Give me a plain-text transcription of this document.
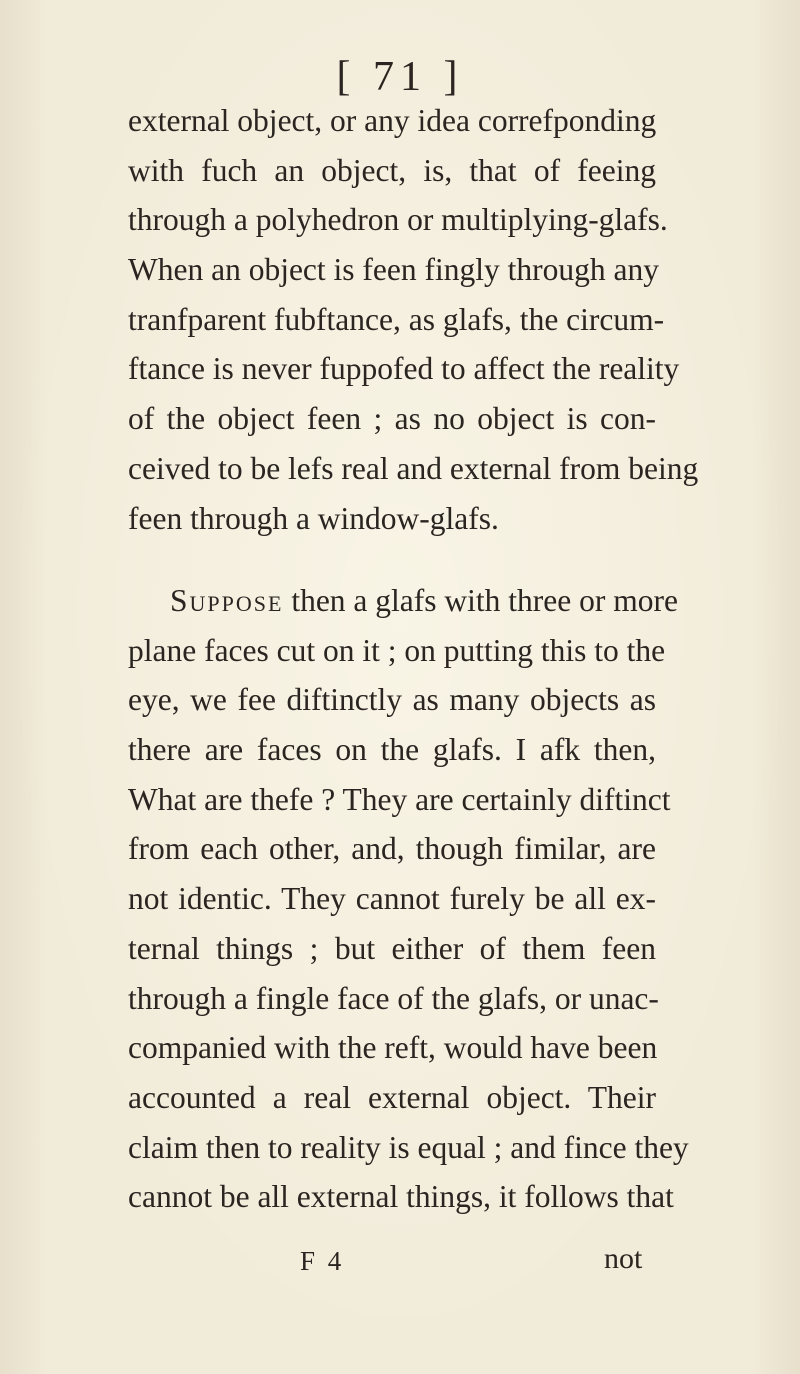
[ 71 ]
external object, or any idea correfponding
with fuch an object, is, that of feeing
through a polyhedron or multiplying-glafs.
When an object is feen fingly through any
tranfparent fubftance, as glafs, the circum-
ftance is never fuppofed to affect the reality
of the object feen ; as no object is con-
ceived to be lefs real and external from being
feen through a window-glafs.
Suppose then a glafs with three or more
plane faces cut on it ; on putting this to the
eye, we fee diftinctly as many objects as
there are faces on the glafs. I afk then,
What are thefe ? They are certainly diftinct
from each other, and, though fimilar, are
not identic. They cannot furely be all ex-
ternal things ; but either of them feen
through a fingle face of the glafs, or unac-
companied with the reft, would have been
accounted a real external object. Their
claim then to reality is equal ; and fince they
cannot be all external things, it follows that
F 4	not
